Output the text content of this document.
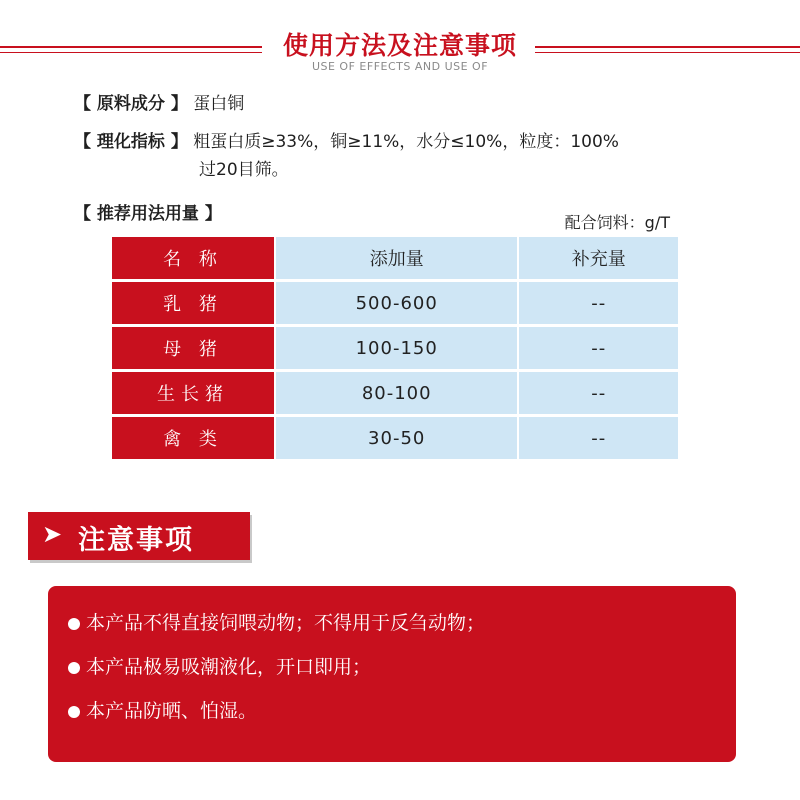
使用方法及注意事项
USE OF EFFECTS AND USE OF
【 原料成分 】 蛋白铜
【 理化指标 】 粗蛋白质≥33%，铜≥11%，水分≤10%，粒度：100%
过20目筛。
【 推荐用法用量 】	配合饲料：g/T
名 称	添加量	补充量
乳 猪	500-600	--
母 猪	100-150	--
生长猪	80-100	--
禽 类	30-50	--
➤ 注意事项
本产品不得直接饲喂动物；不得用于反刍动物；
本产品极易吸潮液化，开口即用；
本产品防晒、怕湿。
